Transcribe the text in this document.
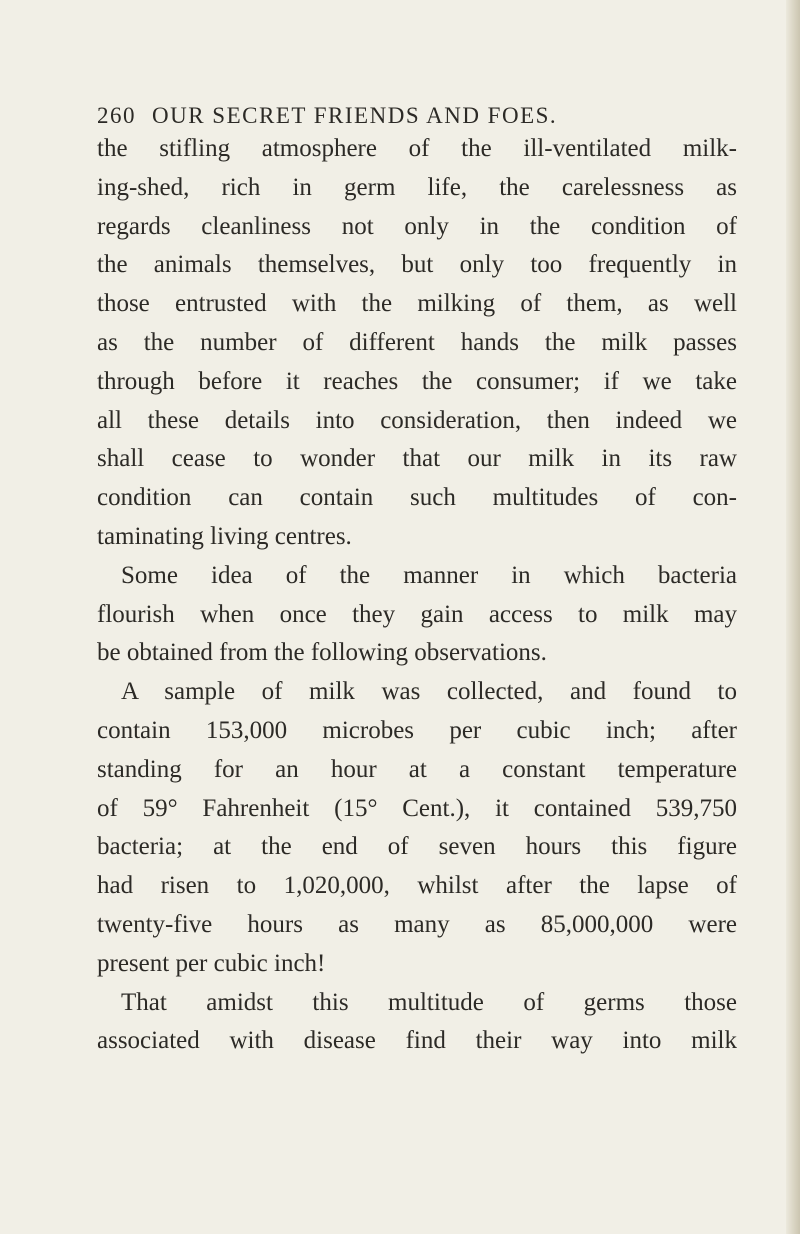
260 OUR SECRET FRIENDS AND FOES.
the stifling atmosphere of the ill-ventilated milk-
ing-shed, rich in germ life, the carelessness as
regards cleanliness not only in the condition of
the animals themselves, but only too frequently in
those entrusted with the milking of them, as well
as the number of different hands the milk passes
through before it reaches the consumer; if we take
all these details into consideration, then indeed we
shall cease to wonder that our milk in its raw
condition can contain such multitudes of con-
taminating living centres.
Some idea of the manner in which bacteria
flourish when once they gain access to milk may
be obtained from the following observations.
A sample of milk was collected, and found to
contain 153,000 microbes per cubic inch; after
standing for an hour at a constant temperature
of 59° Fahrenheit (15° Cent.), it contained 539,750
bacteria; at the end of seven hours this figure
had risen to 1,020,000, whilst after the lapse of
twenty-five hours as many as 85,000,000 were
present per cubic inch!
That amidst this multitude of germs those
associated with disease find their way into milk
